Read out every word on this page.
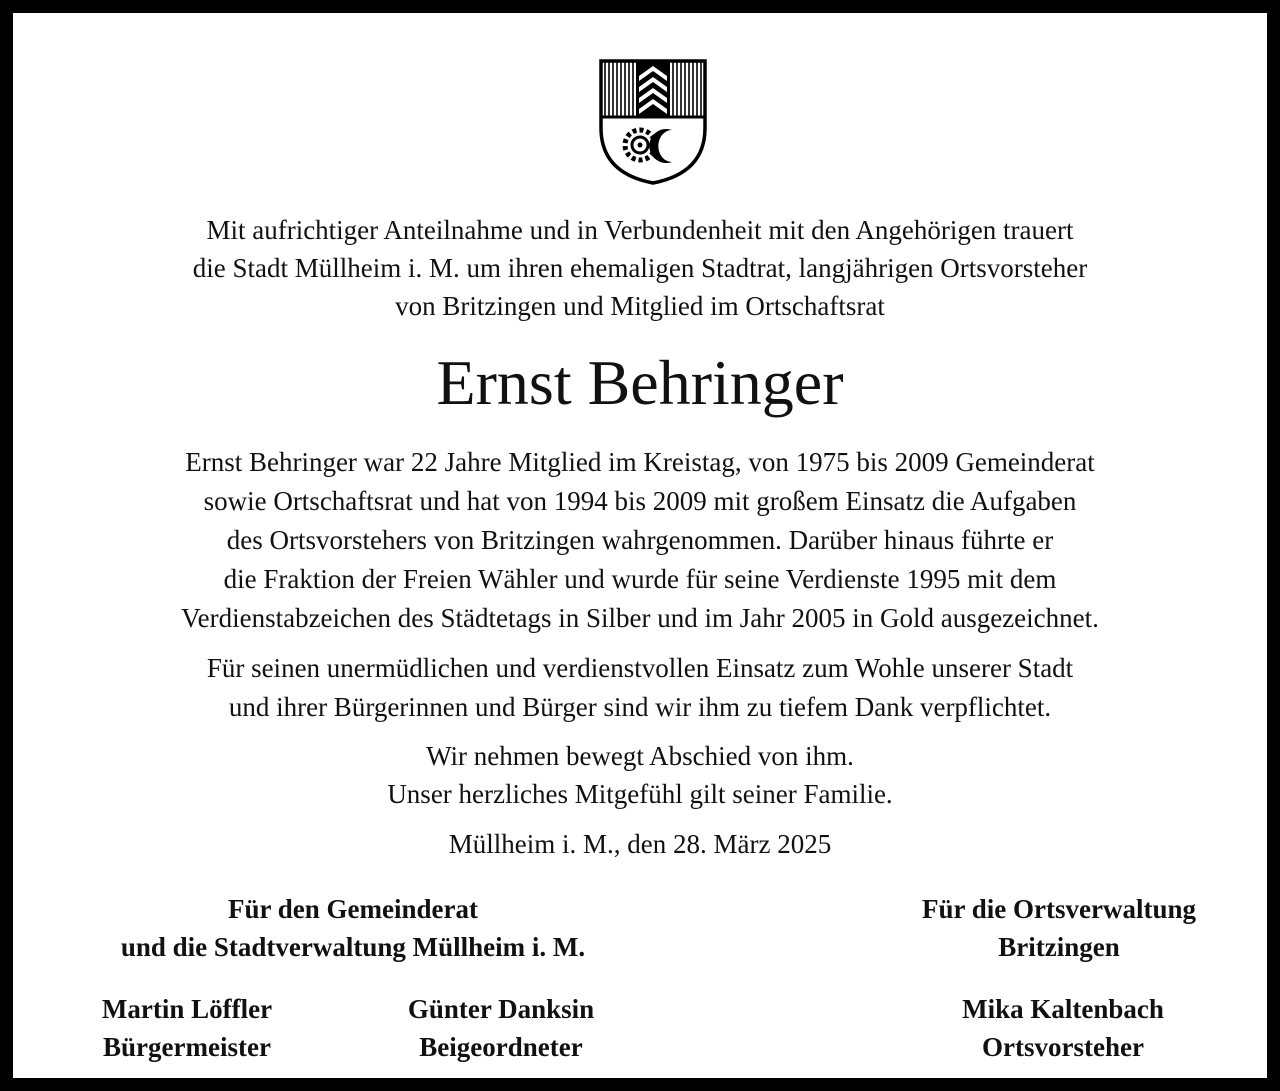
Mit aufrichtiger Anteilnahme und in Verbundenheit mit den Angehörigen trauert
die Stadt Müllheim i. M. um ihren ehemaligen Stadtrat, langjährigen Ortsvorsteher
von Britzingen und Mitglied im Ortschaftsrat
Ernst Behringer
Ernst Behringer war 22 Jahre Mitglied im Kreistag, von 1975 bis 2009 Gemeinderat
sowie Ortschaftsrat und hat von 1994 bis 2009 mit großem Einsatz die Aufgaben
des Ortsvorstehers von Britzingen wahrgenommen. Darüber hinaus führte er
die Fraktion der Freien Wähler und wurde für seine Verdienste 1995 mit dem
Verdienstabzeichen des Städtetags in Silber und im Jahr 2005 in Gold ausgezeichnet.
Für seinen unermüdlichen und verdienstvollen Einsatz zum Wohle unserer Stadt
und ihrer Bürgerinnen und Bürger sind wir ihm zu tiefem Dank verpflichtet.
Wir nehmen bewegt Abschied von ihm.
Unser herzliches Mitgefühl gilt seiner Familie.
Müllheim i. M., den 28. März 2025
Für den Gemeinderat
und die Stadtverwaltung Müllheim i. M.
Für die Ortsverwaltung
Britzingen
Martin Löffler
Bürgermeister
Günter Danksin
Beigeordneter
Mika Kaltenbach
Ortsvorsteher
